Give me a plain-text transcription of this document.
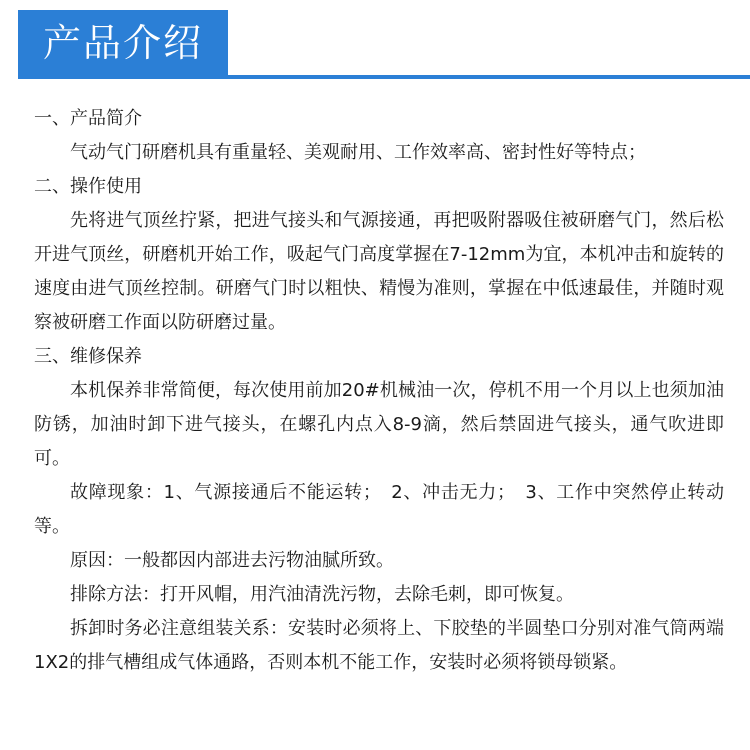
产品介绍

一、产品简介

气动气门研磨机具有重量轻、美观耐用、工作效率高、密封性好等特点；

二、操作使用

先将进气顶丝拧紧，把进气接头和气源接通，再把吸附器吸住被研磨气门，然后松开进气顶丝，研磨机开始工作，吸起气门高度掌握在7-12mm为宜，本机冲击和旋转的速度由进气顶丝控制。研磨气门时以粗快、精慢为准则，掌握在中低速最佳，并随时观察被研磨工作面以防研磨过量。

三、维修保养

本机保养非常简便，每次使用前加20#机械油一次，停机不用一个月以上也须加油防锈，加油时卸下进气接头，在螺孔内点入8-9滴，然后禁固进气接头，通气吹进即可。

故障现象：1、气源接通后不能运转；　2、冲击无力；　3、工作中突然停止转动等。

原因：一般都因内部进去污物油腻所致。

排除方法：打开风帽，用汽油清洗污物，去除毛刺，即可恢复。

拆卸时务必注意组装关系：安装时必须将上、下胶垫的半圆垫口分别对准气筒两端1X2的排气槽组成气体通路，否则本机不能工作，安装时必须将锁母锁紧。
